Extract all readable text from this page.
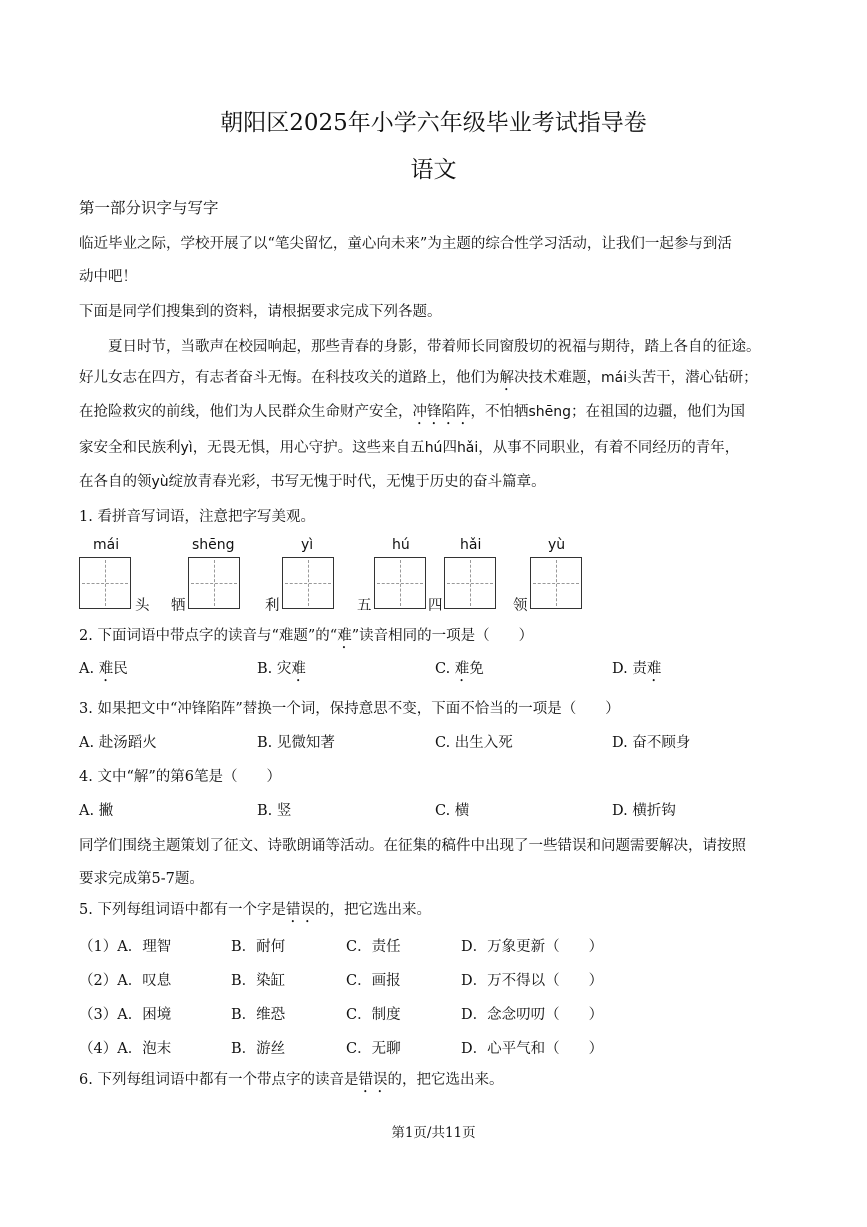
朝阳区2025年小学六年级毕业考试指导卷
语文
第一部分识字与写字
临近毕业之际，学校开展了以“笔尖留忆，童心向未来”为主题的综合性学习活动，让我们一起参与到活
动中吧！
下面是同学们搜集到的资料，请根据要求完成下列各题。
夏日时节，当歌声在校园响起，那些青春的身影，带着师长同窗殷切的祝福与期待，踏上各自的征途。
好儿女志在四方，有志者奋斗无悔。在科技攻关的道路上，他们为解决技术难题，mái头苦干，潜心钻研；
在抢险救灾的前线，他们为人民群众生命财产安全，冲锋陷阵，不怕牺shēng；在祖国的边疆，他们为国
家安全和民族利yì，无畏无惧，用心守护。这些来自五hú四hǎi，从事不同职业，有着不同经历的青年，
在各自的领yù绽放青春光彩，书写无愧于时代，无愧于历史的奋斗篇章。
1. 看拼音写词语，注意把字写美观。
mái
头 牺
shēng
利
yì
五
hú
四
hǎi
领
yù
2. 下面词语中带点字的读音与“难题”的“难”读音相同的一项是（　　）
A. 难民	B. 灾难	C. 难免	D. 责难
3. 如果把文中“冲锋陷阵”替换一个词，保持意思不变，下面不恰当的一项是（　　）
A. 赴汤蹈火	B. 见微知著	C. 出生入死	D. 奋不顾身
4. 文中“解”的第6笔是（　　）
A. 撇	B. 竖	C. 横	D. 横折钩
同学们围绕主题策划了征文、诗歌朗诵等活动。在征集的稿件中出现了一些错误和问题需要解决，请按照
要求完成第5-7题。
5. 下列每组词语中都有一个字是错误的，把它选出来。
（1）A．理智	B．耐何	C．责任	D．万象更新（　　）
（2）A．叹息	B．染缸	C．画报	D．万不得以（　　）
（3）A．困境	B．维恐	C．制度	D．念念叨叨（　　）
（4）A．泡末	B．游丝	C．无聊	D．心平气和（　　）
6. 下列每组词语中都有一个带点字的读音是错误的，把它选出来。
第1页/共11页
